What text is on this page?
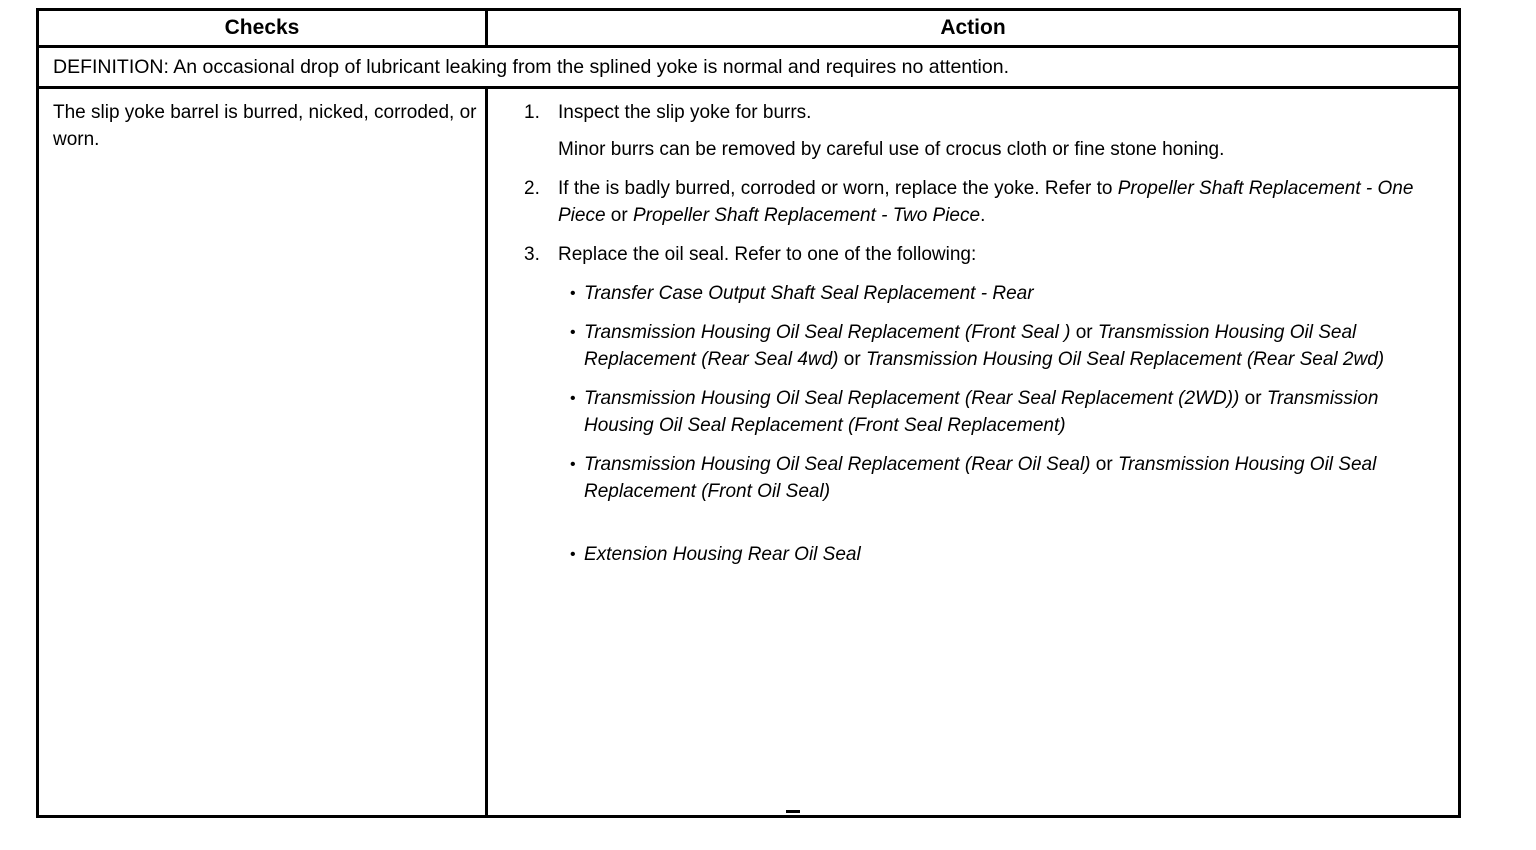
Checks	Action
DEFINITION: An occasional drop of lubricant leaking from the splined yoke is normal and requires no attention.
The slip yoke barrel is burred, nicked, corroded, or worn.
1. Inspect the slip yoke for burrs.
Minor burrs can be removed by careful use of crocus cloth or fine stone honing.
2. If the is badly burred, corroded or worn, replace the yoke. Refer to Propeller Shaft Replacement - One Piece or Propeller Shaft Replacement - Two Piece.
3. Replace the oil seal. Refer to one of the following:
• Transfer Case Output Shaft Seal Replacement - Rear
• Transmission Housing Oil Seal Replacement (Front Seal ) or Transmission Housing Oil Seal Replacement (Rear Seal 4wd) or Transmission Housing Oil Seal Replacement (Rear Seal 2wd)
• Transmission Housing Oil Seal Replacement (Rear Seal Replacement (2WD)) or Transmission Housing Oil Seal Replacement (Front Seal Replacement)
• Transmission Housing Oil Seal Replacement (Rear Oil Seal) or Transmission Housing Oil Seal Replacement (Front Oil Seal)
• Extension Housing Rear Oil Seal
